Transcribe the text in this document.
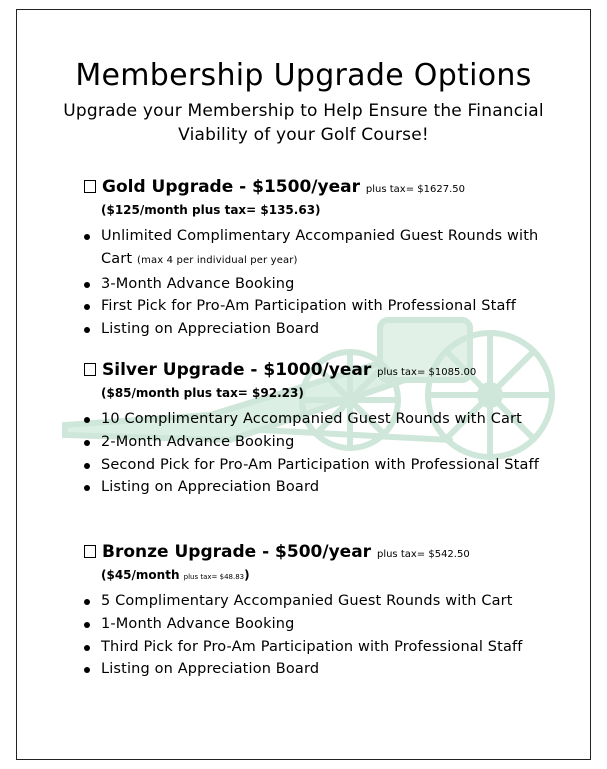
Membership Upgrade Options
Upgrade your Membership to Help Ensure the Financial Viability of your Golf Course!
Gold Upgrade - $1500/year plus tax= $1627.50
($125/month plus tax= $135.63)
Unlimited Complimentary Accompanied Guest Rounds with Cart (max 4 per individual per year)
3-Month Advance Booking
First Pick for Pro-Am Participation with Professional Staff
Listing on Appreciation Board
Silver Upgrade - $1000/year plus tax= $1085.00
($85/month plus tax= $92.23)
10 Complimentary Accompanied Guest Rounds with Cart
2-Month Advance Booking
Second Pick for Pro-Am Participation with Professional Staff
Listing on Appreciation Board
Bronze Upgrade - $500/year plus tax= $542.50
($45/month plus tax= $48.83)
5 Complimentary Accompanied Guest Rounds with Cart
1-Month Advance Booking
Third Pick for Pro-Am Participation with Professional Staff
Listing on Appreciation Board
